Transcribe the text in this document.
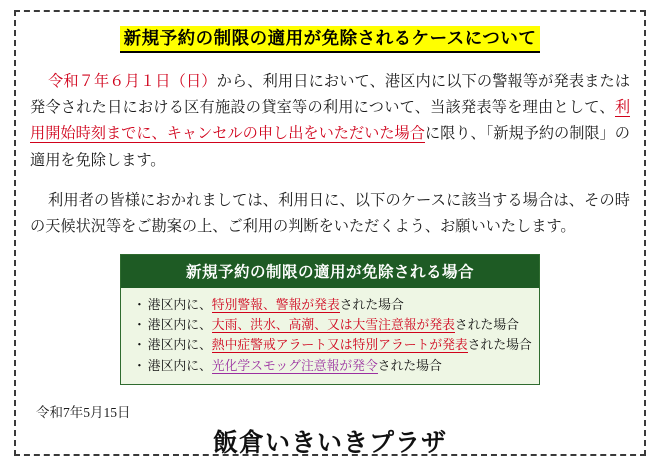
新規予約の制限の適用が免除されるケースについて
令和７年６月１日（日）から、利用日において、港区内に以下の警報等が発表または発令された日における区有施設の貸室等の利用について、当該発表等を理由として、利用開始時刻までに、キャンセルの申し出をいただいた場合に限り、「新規予約の制限」の適用を免除します。
利用者の皆様におかれましては、利用日に、以下のケースに該当する場合は、その時の天候状況等をご勘案の上、ご利用の判断をいただくよう、お願いいたします。
新規予約の制限の適用が免除される場合
・ 港区内に、特別警報、警報が発表された場合
・ 港区内に、大雨、洪水、高潮、又は大雪注意報が発表された場合
・ 港区内に、熱中症警戒アラート又は特別アラートが発表された場合
・ 港区内に、光化学スモッグ注意報が発令された場合
令和7年5月15日
飯倉いきいきプラザ
